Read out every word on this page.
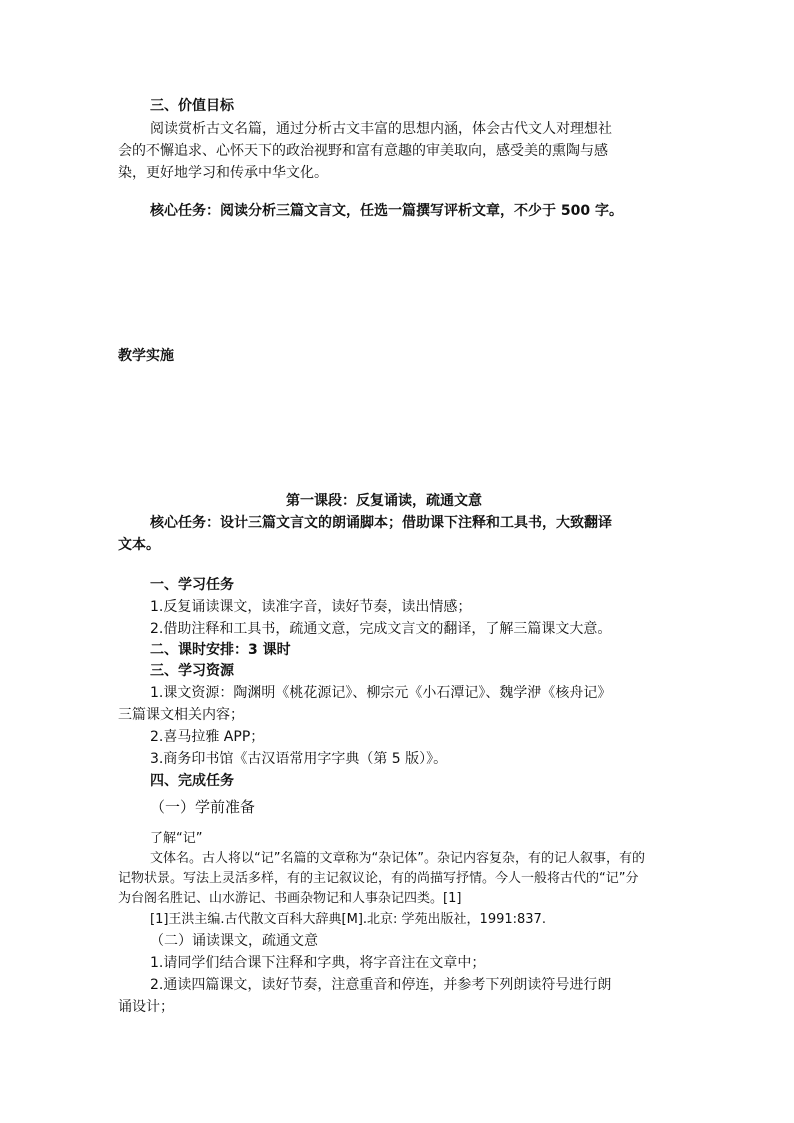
三、价值目标
阅读赏析古文名篇，通过分析古文丰富的思想内涵，体会古代文人对理想社
会的不懈追求、心怀天下的政治视野和富有意趣的审美取向，感受美的熏陶与感
染，更好地学习和传承中华文化。
核心任务：阅读分析三篇文言文，任选一篇撰写评析文章，不少于 500 字。
教学实施
第一课段：反复诵读，疏通文意
核心任务：设计三篇文言文的朗诵脚本；借助课下注释和工具书，大致翻译
文本。
一、学习任务
1.反复诵读课文，读准字音，读好节奏，读出情感；
2.借助注释和工具书，疏通文意，完成文言文的翻译，了解三篇课文大意。
二、课时安排：3 课时
三、学习资源
1.课文资源：陶渊明《桃花源记》、柳宗元《小石潭记》、魏学洢《核舟记》
三篇课文相关内容；
2.喜马拉雅 APP；
3.商务印书馆《古汉语常用字字典（第 5 版）》。
四、完成任务
（一）学前准备
了解“记”
文体名。古人将以“记”名篇的文章称为“杂记体”。杂记内容复杂，有的记人叙事，有的
记物状景。写法上灵活多样，有的主记叙议论，有的尚描写抒情。今人一般将古代的“记”分
为台阁名胜记、山水游记、书画杂物记和人事杂记四类。[1]
[1]王洪主编.古代散文百科大辞典[M].北京: 学苑出版社，1991:837.
（二）诵读课文，疏通文意
1.请同学们结合课下注释和字典，将字音注在文章中；
2.通读四篇课文，读好节奏，注意重音和停连，并参考下列朗读符号进行朗
诵设计；
